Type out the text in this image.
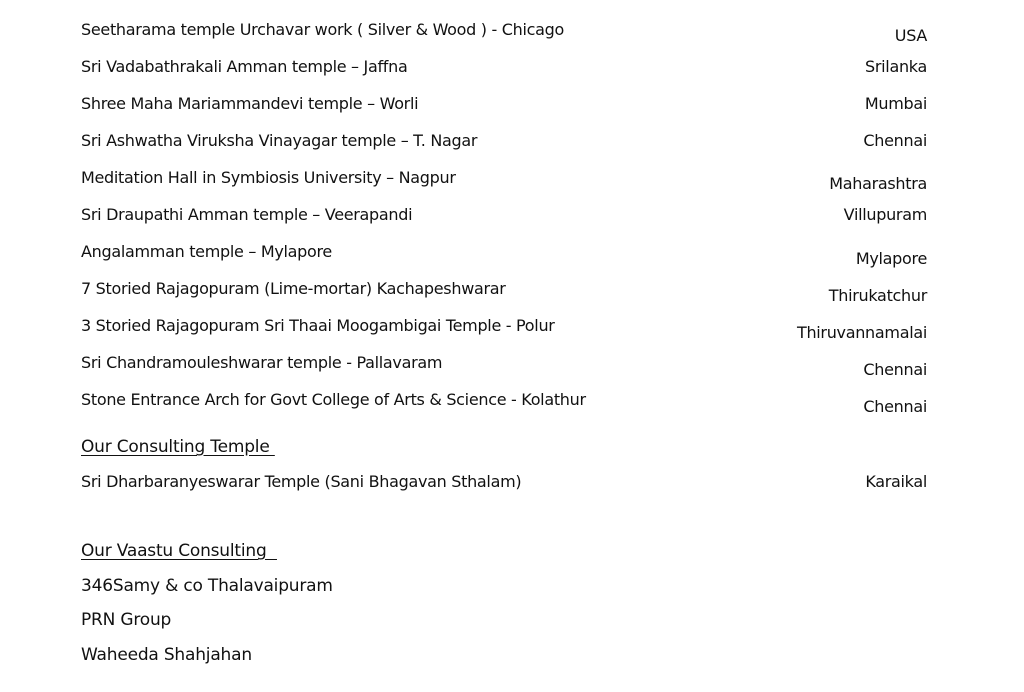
Seetharama temple Urchavar work ( Silver & Wood ) - Chicago	USA
Sri Vadabathrakali Amman temple – Jaffna	Srilanka
Shree Maha Mariammandevi temple – Worli	Mumbai
Sri Ashwatha Viruksha Vinayagar temple – T. Nagar	Chennai
Meditation Hall in Symbiosis University – Nagpur	Maharashtra
Sri Draupathi Amman temple – Veerapandi	Villupuram
Angalamman temple – Mylapore	Mylapore
7 Storied Rajagopuram (Lime-mortar) Kachapeshwarar	Thirukatchur
3 Storied Rajagopuram Sri Thaai Moogambigai Temple - Polur	Thiruvannamalai
Sri Chandramouleshwarar temple - Pallavaram	Chennai
Stone Entrance Arch for Govt College of Arts & Science - Kolathur	Chennai
Our Consulting Temple
Sri Dharbaranyeswarar Temple (Sani Bhagavan Sthalam)	Karaikal
Our Vaastu Consulting
346Samy & co Thalavaipuram
PRN Group
Waheeda Shahjahan
